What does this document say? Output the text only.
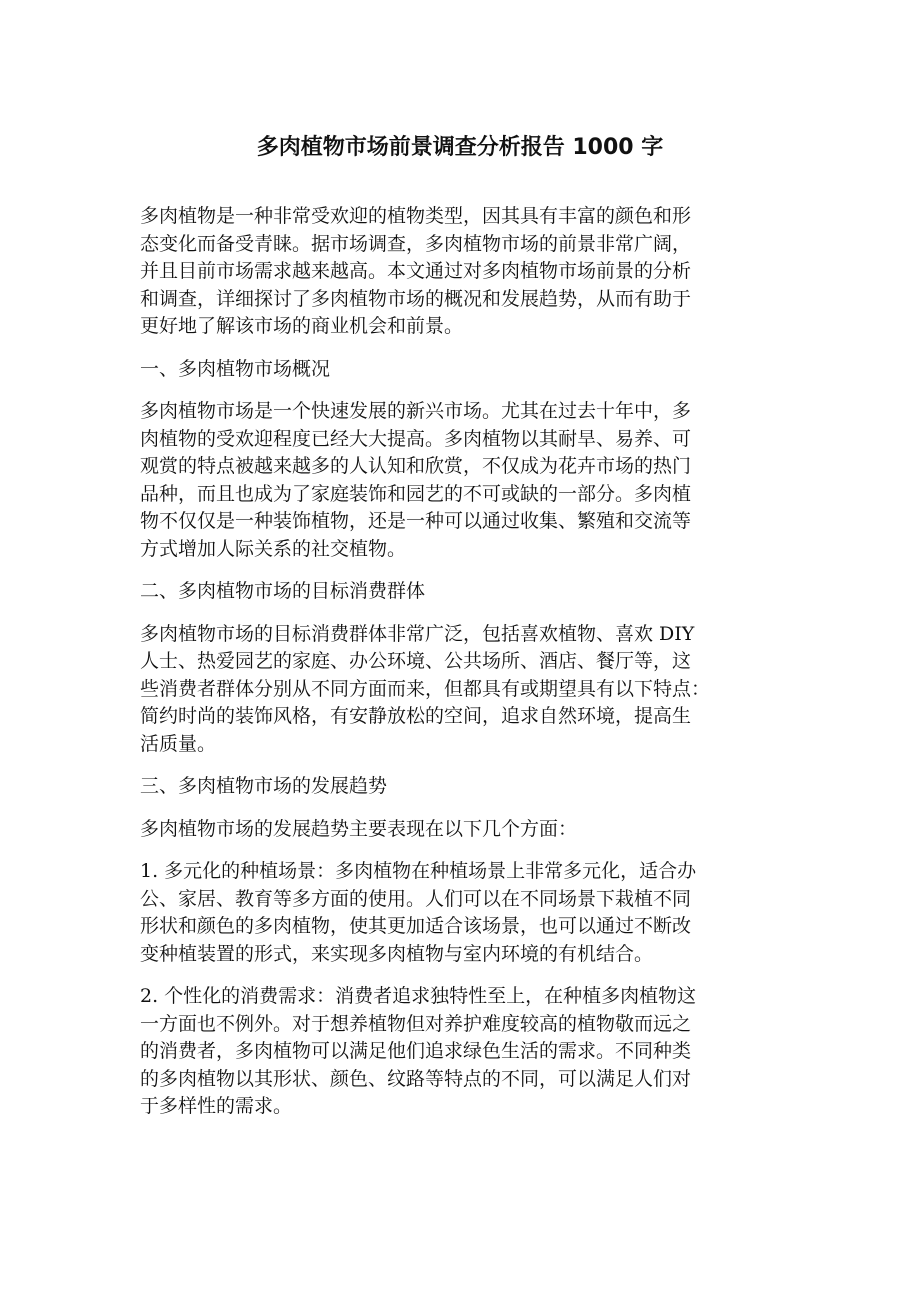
多肉植物市场前景调查分析报告 1000 字

多肉植物是一种非常受欢迎的植物类型，因其具有丰富的颜色和形
态变化而备受青睐。据市场调查，多肉植物市场的前景非常广阔，
并且目前市场需求越来越高。本文通过对多肉植物市场前景的分析
和调查，详细探讨了多肉植物市场的概况和发展趋势，从而有助于
更好地了解该市场的商业机会和前景。

一、多肉植物市场概况

多肉植物市场是一个快速发展的新兴市场。尤其在过去十年中，多
肉植物的受欢迎程度已经大大提高。多肉植物以其耐旱、易养、可
观赏的特点被越来越多的人认知和欣赏，不仅成为花卉市场的热门
品种，而且也成为了家庭装饰和园艺的不可或缺的一部分。多肉植
物不仅仅是一种装饰植物，还是一种可以通过收集、繁殖和交流等
方式增加人际关系的社交植物。

二、多肉植物市场的目标消费群体

多肉植物市场的目标消费群体非常广泛，包括喜欢植物、喜欢 DIY
人士、热爱园艺的家庭、办公环境、公共场所、酒店、餐厅等，这
些消费者群体分别从不同方面而来，但都具有或期望具有以下特点：
简约时尚的装饰风格，有安静放松的空间，追求自然环境，提高生
活质量。

三、多肉植物市场的发展趋势

多肉植物市场的发展趋势主要表现在以下几个方面：

1. 多元化的种植场景：多肉植物在种植场景上非常多元化，适合办
公、家居、教育等多方面的使用。人们可以在不同场景下栽植不同
形状和颜色的多肉植物，使其更加适合该场景，也可以通过不断改
变种植装置的形式，来实现多肉植物与室内环境的有机结合。

2. 个性化的消费需求：消费者追求独特性至上，在种植多肉植物这
一方面也不例外。对于想养植物但对养护难度较高的植物敬而远之
的消费者，多肉植物可以满足他们追求绿色生活的需求。不同种类
的多肉植物以其形状、颜色、纹路等特点的不同，可以满足人们对
于多样性的需求。
